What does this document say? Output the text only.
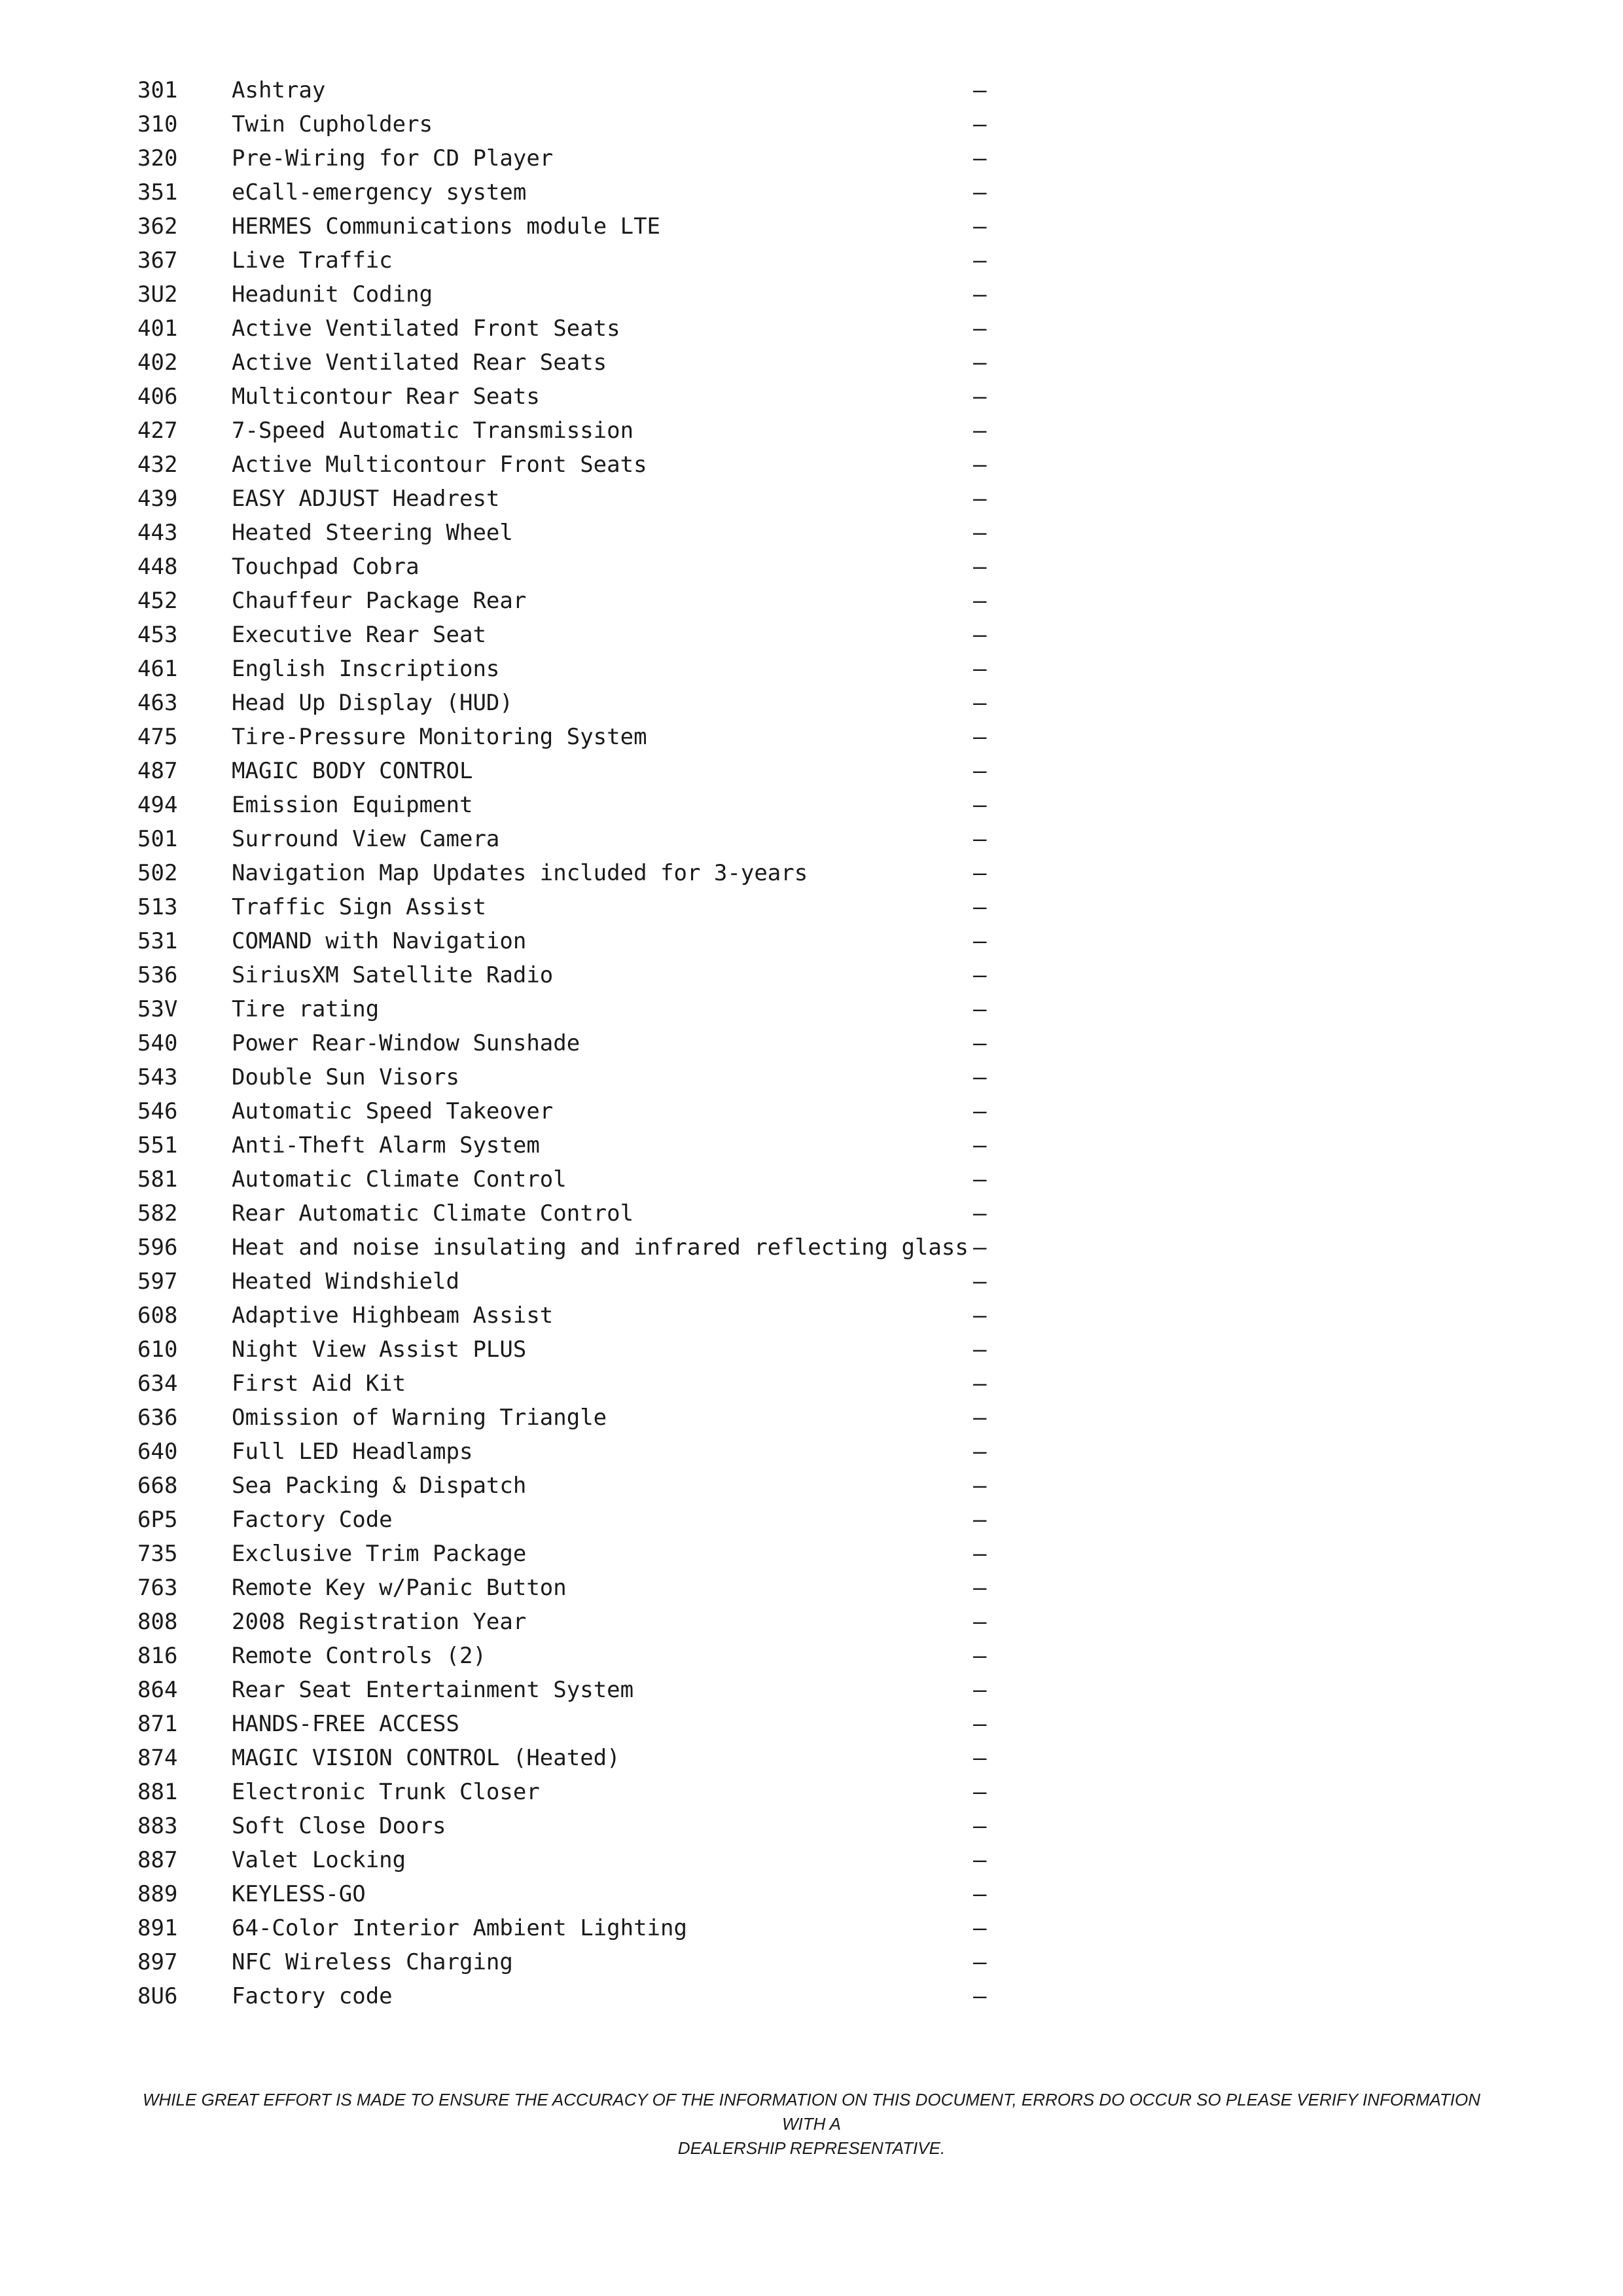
301 Ashtray	—
310 Twin Cupholders	—
320 Pre-Wiring for CD Player	—
351 eCall-emergency system	—
362 HERMES Communications module LTE	—
367 Live Traffic	—
3U2 Headunit Coding	—
401 Active Ventilated Front Seats	—
402 Active Ventilated Rear Seats	—
406 Multicontour Rear Seats	—
427 7-Speed Automatic Transmission	—
432 Active Multicontour Front Seats	—
439 EASY ADJUST Headrest	—
443 Heated Steering Wheel	—
448 Touchpad Cobra	—
452 Chauffeur Package Rear	—
453 Executive Rear Seat	—
461 English Inscriptions	—
463 Head Up Display (HUD)	—
475 Tire-Pressure Monitoring System	—
487 MAGIC BODY CONTROL	—
494 Emission Equipment	—
501 Surround View Camera	—
502 Navigation Map Updates included for 3-years	—
513 Traffic Sign Assist	—
531 COMAND with Navigation	—
536 SiriusXM Satellite Radio	—
53V Tire rating	—
540 Power Rear-Window Sunshade	—
543 Double Sun Visors	—
546 Automatic Speed Takeover	—
551 Anti-Theft Alarm System	—
581 Automatic Climate Control	—
582 Rear Automatic Climate Control	—
596 Heat and noise insulating and infrared reflecting glass —
597 Heated Windshield	—
608 Adaptive Highbeam Assist	—
610 Night View Assist PLUS	—
634 First Aid Kit	—
636 Omission of Warning Triangle	—
640 Full LED Headlamps	—
668 Sea Packing & Dispatch	—
6P5 Factory Code	—
735 Exclusive Trim Package	—
763 Remote Key w/Panic Button	—
808 2008 Registration Year	—
816 Remote Controls (2)	—
864 Rear Seat Entertainment System	—
871 HANDS-FREE ACCESS	—
874 MAGIC VISION CONTROL (Heated)	—
881 Electronic Trunk Closer	—
883 Soft Close Doors	—
887 Valet Locking	—
889 KEYLESS-GO	—
891 64-Color Interior Ambient Lighting	—
897 NFC Wireless Charging	—
8U6 Factory code	—
WHILE GREAT EFFORT IS MADE TO ENSURE THE ACCURACY OF THE INFORMATION ON THIS DOCUMENT, ERRORS DO OCCUR SO PLEASE VERIFY INFORMATION WITH A
DEALERSHIP REPRESENTATIVE.
